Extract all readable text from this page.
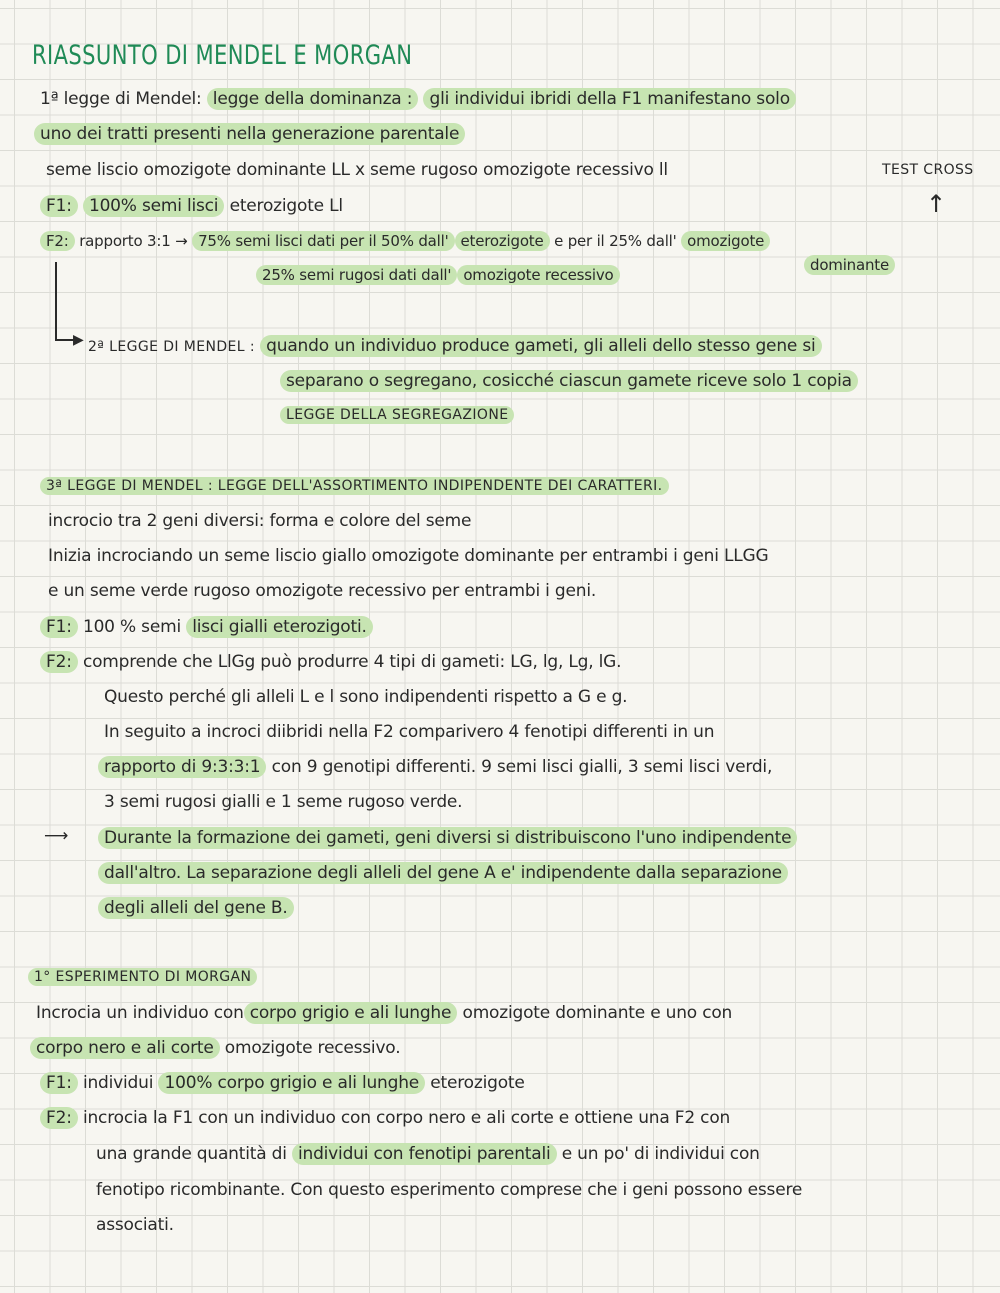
RIASSUNTO DI MENDEL E MORGAN
1ª legge di Mendel: legge della dominanza : gli individui ibridi della F1 manifestano solo
uno dei tratti presenti nella generazione parentale
seme liscio omozigote dominante LL x seme rugoso omozigote recessivo ll	TEST CROSS
↑
F1: 100% semi lisci eterozigote Ll
F2: rapporto 3:1 → 75% semi lisci dati per il 50% dall' eterozigote e per il 25% dall' omozigote
dominante
25% semi rugosi dati dall' omozigote recessivo
▶ 2ª LEGGE DI MENDEL : quando un individuo produce gameti, gli alleli dello stesso gene si
separano o segregano, cosicché ciascun gamete riceve solo 1 copia
LEGGE DELLA SEGREGAZIONE
3ª LEGGE DI MENDEL : LEGGE DELL'ASSORTIMENTO INDIPENDENTE DEI CARATTERI.
incrocio tra 2 geni diversi: forma e colore del seme
Inizia incrociando un seme liscio giallo omozigote dominante per entrambi i geni LLGG
e un seme verde rugoso omozigote recessivo per entrambi i geni.
F1: 100 % semi lisci gialli eterozigoti.
F2: comprende che LlGg può produrre 4 tipi di gameti: LG, lg, Lg, lG.
Questo perché gli alleli L e l sono indipendenti rispetto a G e g.
In seguito a incroci diibridi nella F2 comparivero 4 fenotipi differenti in un
rapporto di 9:3:3:1 con 9 genotipi differenti. 9 semi lisci gialli, 3 semi lisci verdi,
3 semi rugosi gialli e 1 seme rugoso verde.
⟶	Durante la formazione dei gameti, geni diversi si distribuiscono l'uno indipendente
dall'altro. La separazione degli alleli del gene A e' indipendente dalla separazione
degli alleli del gene B.
1° ESPERIMENTO DI MORGAN
Incrocia un individuo con corpo grigio e ali lunghe omozigote dominante e uno con
corpo nero e ali corte omozigote recessivo.
F1: individui 100% corpo grigio e ali lunghe eterozigote
F2: incrocia la F1 con un individuo con corpo nero e ali corte e ottiene una F2 con
una grande quantità di individui con fenotipi parentali e un po' di individui con
fenotipo ricombinante. Con questo esperimento comprese che i geni possono essere
associati.
